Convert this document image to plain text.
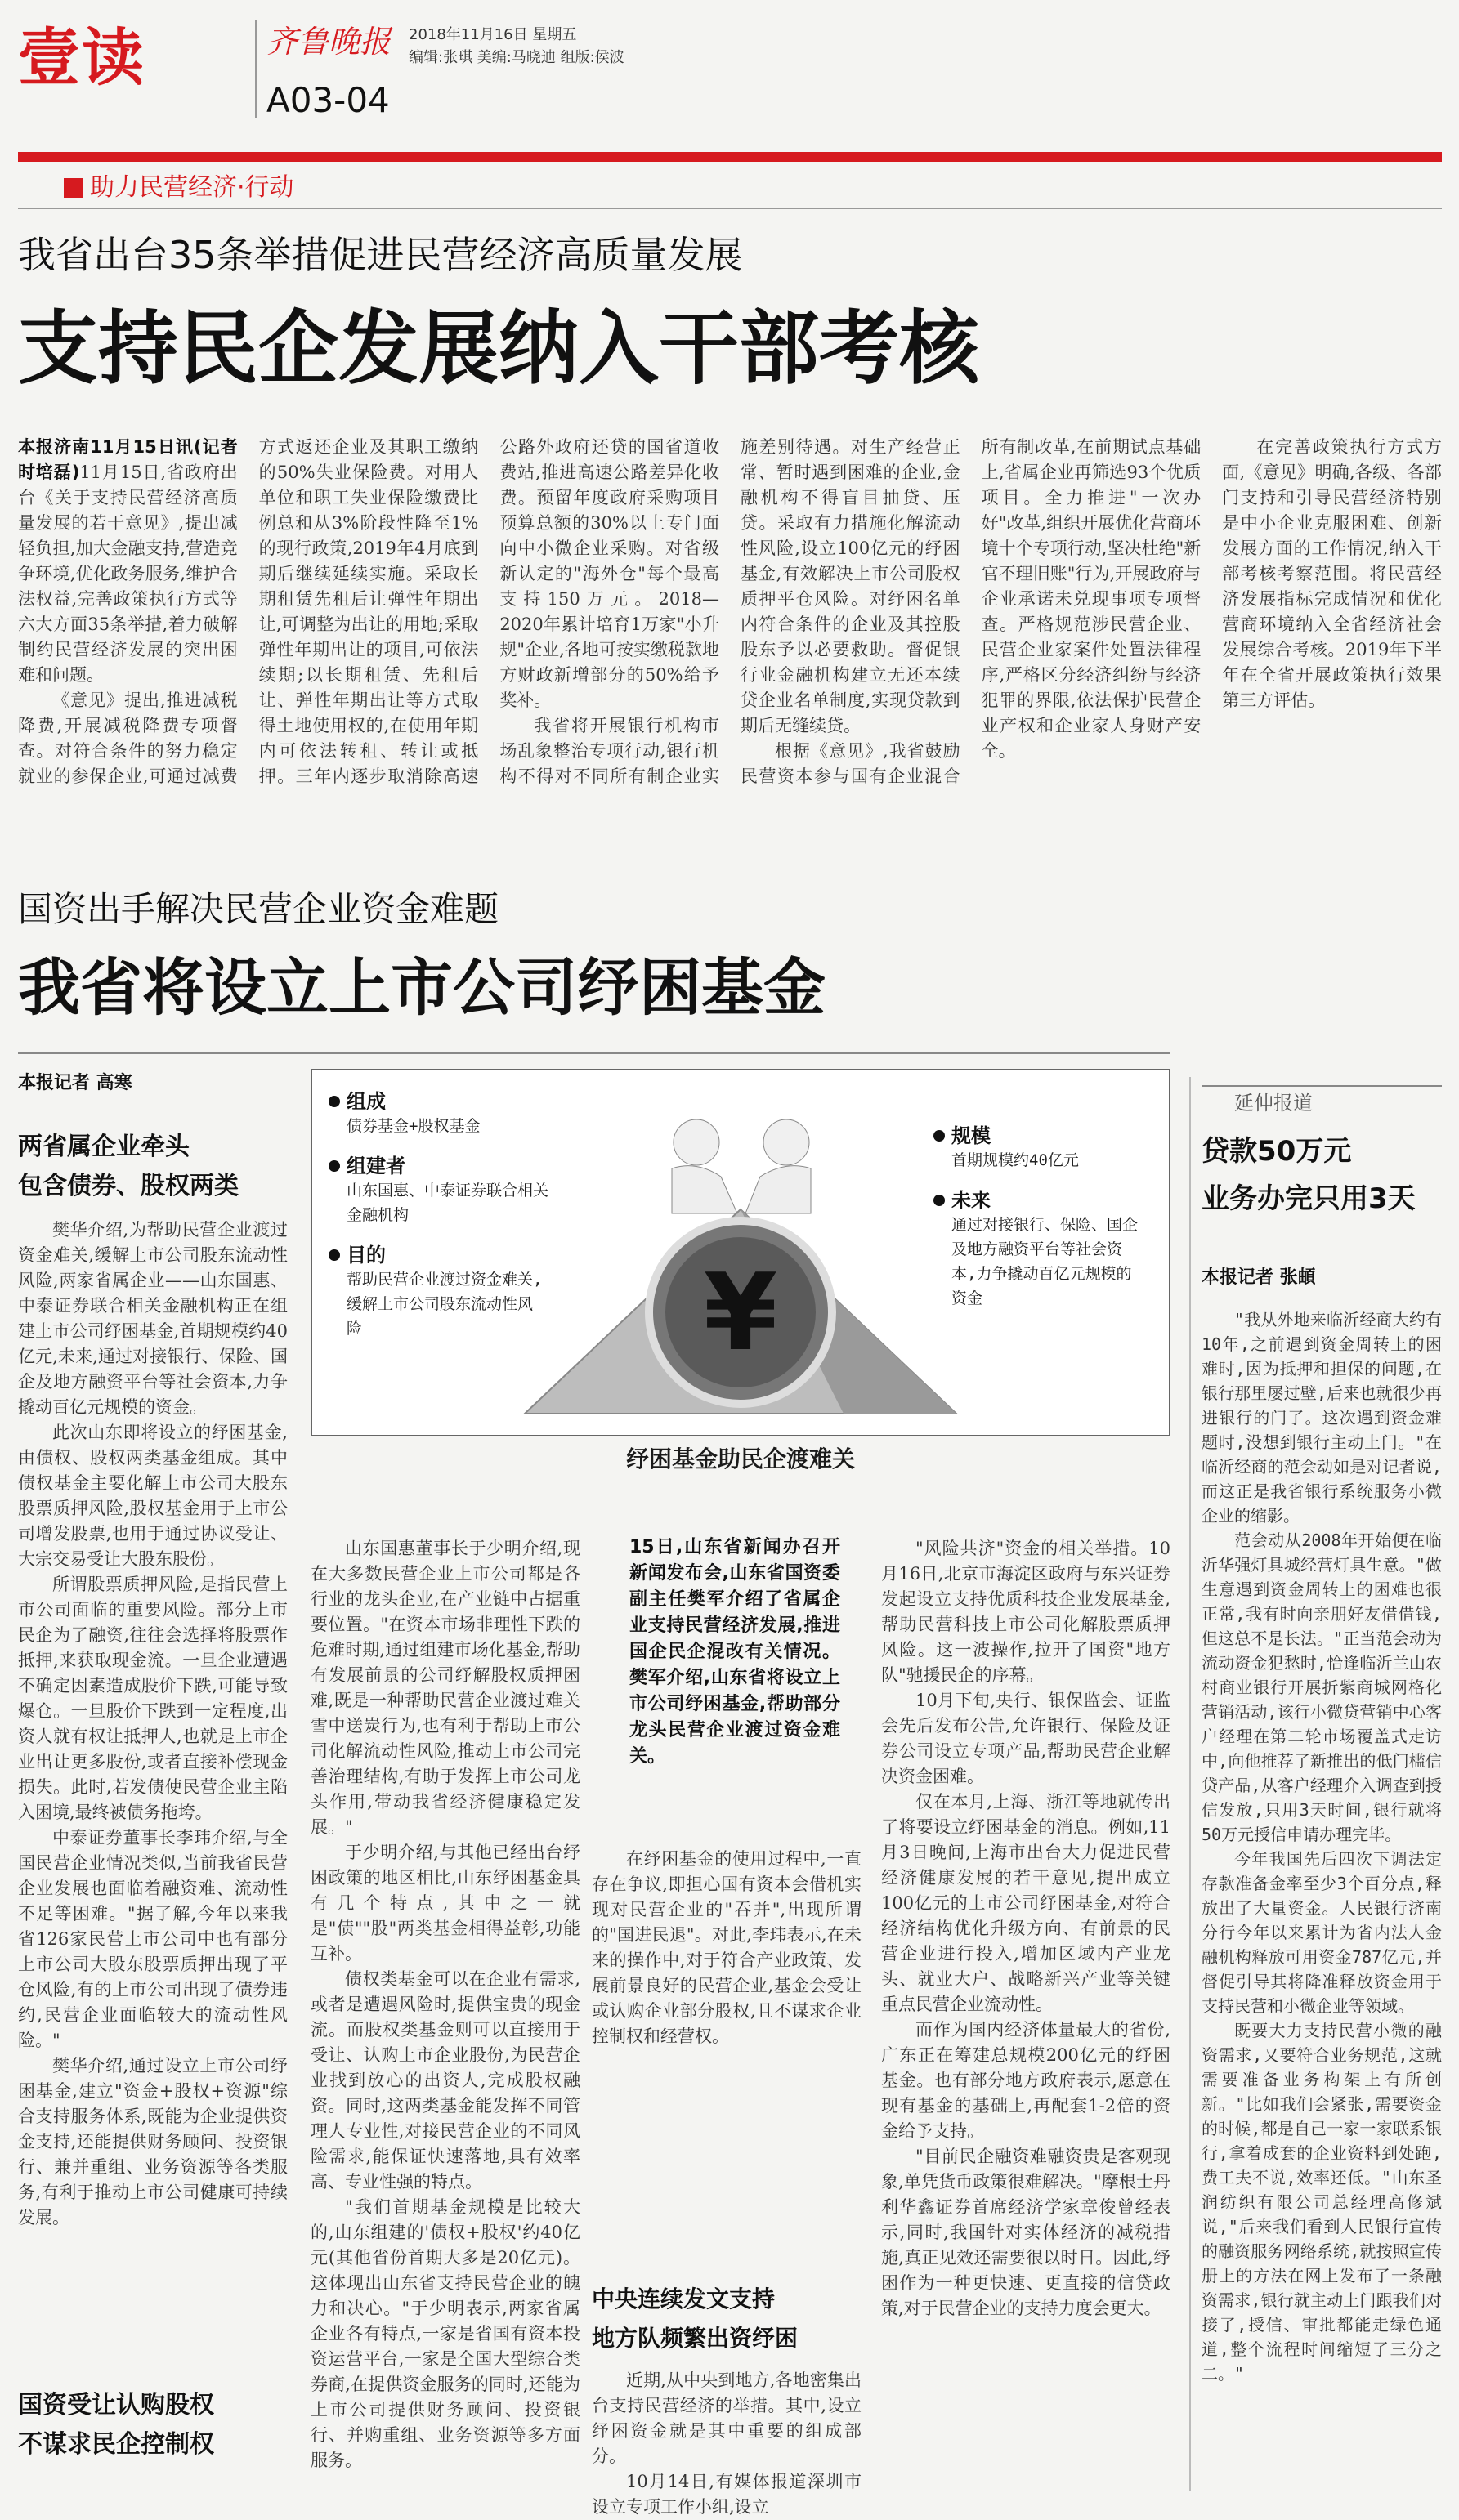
壹读	齐鲁晚报 2018年11月16日 星期五
编辑:张琪 美编:马晓迪 组版:侯波
A03-04
助力民营经济·行动
我省出台35条举措促进民营经济高质量发展
支持民企发展纳入干部考核

本报济南11月15日讯(记者 时培磊)11月15日,省政府出台《关于支持民营经济高质量发展的若干意见》,提出减轻负担,加大金融支持,营造竞争环境,优化政务服务,维护合法权益,完善政策执行方式等六大方面35条举措,着力破解制约民营经济发展的突出困难和问题。

《意见》提出,推进减税降费,开展减税降费专项督查。对符合条件的努力稳定就业的参保企业,可通过减费方式返还企业及其职工缴纳的50%失业保险费。对用人单位和职工失业保险缴费比例总和从3%阶段性降至1%的现行政策,2019年4月底到期后继续延续实施。采取长期租赁先租后让弹性年期出让,可调整为出让的用地;采取弹性年期出让的项目,可依法续期;以长期租赁、先租后让、弹性年期出让等方式取得土地使用权的,在使用年期内可依法转租、转让或抵押。三年内逐步取消除高速公路外政府还贷的国省道收费站,推进高速公路差异化收费。预留年度政府采购项目预算总额的30%以上专门面向中小微企业采购。对省级新认定的"海外仓"每个最高支持150万元。2018—2020年累计培育1万家"小升规"企业,各地可按实缴税款地方财政新增部分的50%给予奖补。

我省将开展银行机构市场乱象整治专项行动,银行机构不得对不同所有制企业实施差别待遇。对生产经营正常、暂时遇到困难的企业,金融机构不得盲目抽贷、压贷。采取有力措施化解流动性风险,设立100亿元的纾困基金,有效解决上市公司股权质押平仓风险。对纾困名单内符合条件的企业及其控股股东予以必要救助。督促银行业金融机构建立无还本续贷企业名单制度,实现贷款到期后无缝续贷。

根据《意见》,我省鼓励民营资本参与国有企业混合所有制改革,在前期试点基础上,省属企业再筛选93个优质项目。全力推进"一次办好"改革,组织开展优化营商环境十个专项行动,坚决杜绝"新官不理旧账"行为,开展政府与企业承诺未兑现事项专项督查。严格规范涉民营企业、民营企业家案件处置法律程序,严格区分经济纠纷与经济犯罪的界限,依法保护民营企业产权和企业家人身财产安全。

在完善政策执行方式方面,《意见》明确,各级、各部门支持和引导民营经济特别是中小企业克服困难、创新发展方面的工作情况,纳入干部考核考察范围。将民营经济发展指标完成情况和优化营商环境纳入全省经济社会发展综合考核。2019年下半年在全省开展政策执行效果第三方评估。

国资出手解决民营企业资金难题
我省将设立上市公司纾困基金
本报记者 高寒
两省属企业牵头
包含债券、股权两类

樊华介绍,为帮助民营企业渡过资金难关,缓解上市公司股东流动性风险,两家省属企业——山东国惠、中泰证券联合相关金融机构正在组建上市公司纾困基金,首期规模约40亿元,未来,通过对接银行、保险、国企及地方融资平台等社会资本,力争撬动百亿元规模的资金。

此次山东即将设立的纾困基金,由债权、股权两类基金组成。其中债权基金主要化解上市公司大股东股票质押风险,股权基金用于上市公司增发股票,也用于通过协议受让、大宗交易受让大股东股份。

所谓股票质押风险,是指民营上市公司面临的重要风险。部分上市民企为了融资,往往会选择将股票作抵押,来获取现金流。一旦企业遭遇不确定因素造成股价下跌,可能导致爆仓。一旦股价下跌到一定程度,出资人就有权让抵押人,也就是上市企业出让更多股份,或者直接补偿现金损失。此时,若发债使民营企业主陷入困境,最终被债务拖垮。

中泰证券董事长李玮介绍,与全国民营企业情况类似,当前我省民营企业发展也面临着融资难、流动性不足等困难。"据了解,今年以来我省126家民营上市公司中也有部分上市公司大股东股票质押出现了平仓风险,有的上市公司出现了债券违约,民营企业面临较大的流动性风险。"

樊华介绍,通过设立上市公司纾困基金,建立"资金+股权+资源"综合支持服务体系,既能为企业提供资金支持,还能提供财务顾问、投资银行、兼并重组、业务资源等各类服务,有利于推动上市公司健康可持续发展。

国资受让认购股权
不谋求民企控制权
¥
组成
债券基金+股权基金
组建者
山东国惠、中泰证券联合相关金融机构
目的
帮助民营企业渡过资金难关,缓解上市公司股东流动性风险
规模
首期规模约40亿元
未来
通过对接银行、保险、国企及地方融资平台等社会资本,力争撬动百亿元规模的资金
纾困基金助民企渡难关

山东国惠董事长于少明介绍,现在大多数民营企业上市公司都是各行业的龙头企业,在产业链中占据重要位置。"在资本市场非理性下跌的危难时期,通过组建市场化基金,帮助有发展前景的公司纾解股权质押困难,既是一种帮助民营企业渡过难关雪中送炭行为,也有利于帮助上市公司化解流动性风险,推动上市公司完善治理结构,有助于发挥上市公司龙头作用,带动我省经济健康稳定发展。"

于少明介绍,与其他已经出台纾困政策的地区相比,山东纾困基金具有几个特点,其中之一就是"债""股"两类基金相得益彰,功能互补。

债权类基金可以在企业有需求,或者是遭遇风险时,提供宝贵的现金流。而股权类基金则可以直接用于受让、认购上市企业股份,为民营企业找到放心的出资人,完成股权融资。同时,这两类基金能发挥不同管理人专业性,对接民营企业的不同风险需求,能保证快速落地,具有效率高、专业性强的特点。

"我们首期基金规模是比较大的,山东组建的'债权+股权'约40亿元(其他省份首期大多是20亿元)。这体现出山东省支持民营企业的魄力和决心。"于少明表示,两家省属企业各有特点,一家是省国有资本投资运营平台,一家是全国大型综合类券商,在提供资金服务的同时,还能为上市公司提供财务顾问、投资银行、并购重组、业务资源等多方面服务。

15日,山东省新闻办召开新闻发布会,山东省国资委副主任樊军介绍了省属企业支持民营经济发展,推进国企民企混改有关情况。樊军介绍,山东省将设立上市公司纾困基金,帮助部分龙头民营企业渡过资金难关。

在纾困基金的使用过程中,一直存在争议,即担心国有资本会借机实现对民营企业的"吞并",出现所谓的"国进民退"。对此,李玮表示,在未来的操作中,对于符合产业政策、发展前景良好的民营企业,基金会受让或认购企业部分股权,且不谋求企业控制权和经营权。

中央连续发文支持
地方队频繁出资纾困

近期,从中央到地方,各地密集出台支持民营经济的举措。其中,设立纾困资金就是其中重要的组成部分。

10月14日,有媒体报道深圳市设立专项工作小组,设立

"风险共济"资金的相关举措。10月16日,北京市海淀区政府与东兴证券发起设立支持优质科技企业发展基金,帮助民营科技上市公司化解股票质押风险。这一波操作,拉开了国资"地方队"驰援民企的序幕。

10月下旬,央行、银保监会、证监会先后发布公告,允许银行、保险及证券公司设立专项产品,帮助民营企业解决资金困难。

仅在本月,上海、浙江等地就传出了将要设立纾困基金的消息。例如,11月3日晚间,上海市出台大力促进民营经济健康发展的若干意见,提出成立100亿元的上市公司纾困基金,对符合经济结构优化升级方向、有前景的民营企业进行投入,增加区域内产业龙头、就业大户、战略新兴产业等关键重点民营企业流动性。

而作为国内经济体量最大的省份,广东正在筹建总规模200亿元的纾困基金。也有部分地方政府表示,愿意在现有基金的基础上,再配套1-2倍的资金给予支持。

"目前民企融资难融资贵是客观现象,单凭货币政策很难解决。"摩根士丹利华鑫证券首席经济学家章俊曾经表示,同时,我国针对实体经济的减税措施,真正见效还需要很以时日。因此,纾困作为一种更快速、更直接的信贷政策,对于民营企业的支持力度会更大。

延伸报道
贷款50万元
业务办完只用3天
本报记者 张頔

"我从外地来临沂经商大约有10年,之前遇到资金周转上的困难时,因为抵押和担保的问题,在银行那里屡过壁,后来也就很少再进银行的门了。这次遇到资金难题时,没想到银行主动上门。"在临沂经商的范会动如是对记者说,而这正是我省银行系统服务小微企业的缩影。

范会动从2008年开始便在临沂华强灯具城经营灯具生意。"做生意遇到资金周转上的困难也很正常,我有时向亲朋好友借借钱,但这总不是长法。"正当范会动为流动资金犯愁时,恰逢临沂兰山农村商业银行开展折紫商城网格化营销活动,该行小微贷营销中心客户经理在第二轮市场覆盖式走访中,向他推荐了新推出的低门槛信贷产品,从客户经理介入调查到授信发放,只用3天时间,银行就将50万元授信申请办理完毕。

今年我国先后四次下调法定存款准备金率至少3个百分点,释放出了大量资金。人民银行济南分行今年以来累计为省内法人金融机构释放可用资金787亿元,并督促引导其将降准释放资金用于支持民营和小微企业等领域。

既要大力支持民营小微的融资需求,又要符合业务规范,这就需要准备业务构架上有所创新。"比如我们会紧张,需要资金的时候,都是自己一家一家联系银行,拿着成套的企业资料到处跑,费工夫不说,效率还低。"山东圣润纺织有限公司总经理高修斌说,"后来我们看到人民银行宣传的融资服务网络系统,就按照宣传册上的方法在网上发布了一条融资需求,银行就主动上门跟我们对接了,授信、审批都能走绿色通道,整个流程时间缩短了三分之二。"
